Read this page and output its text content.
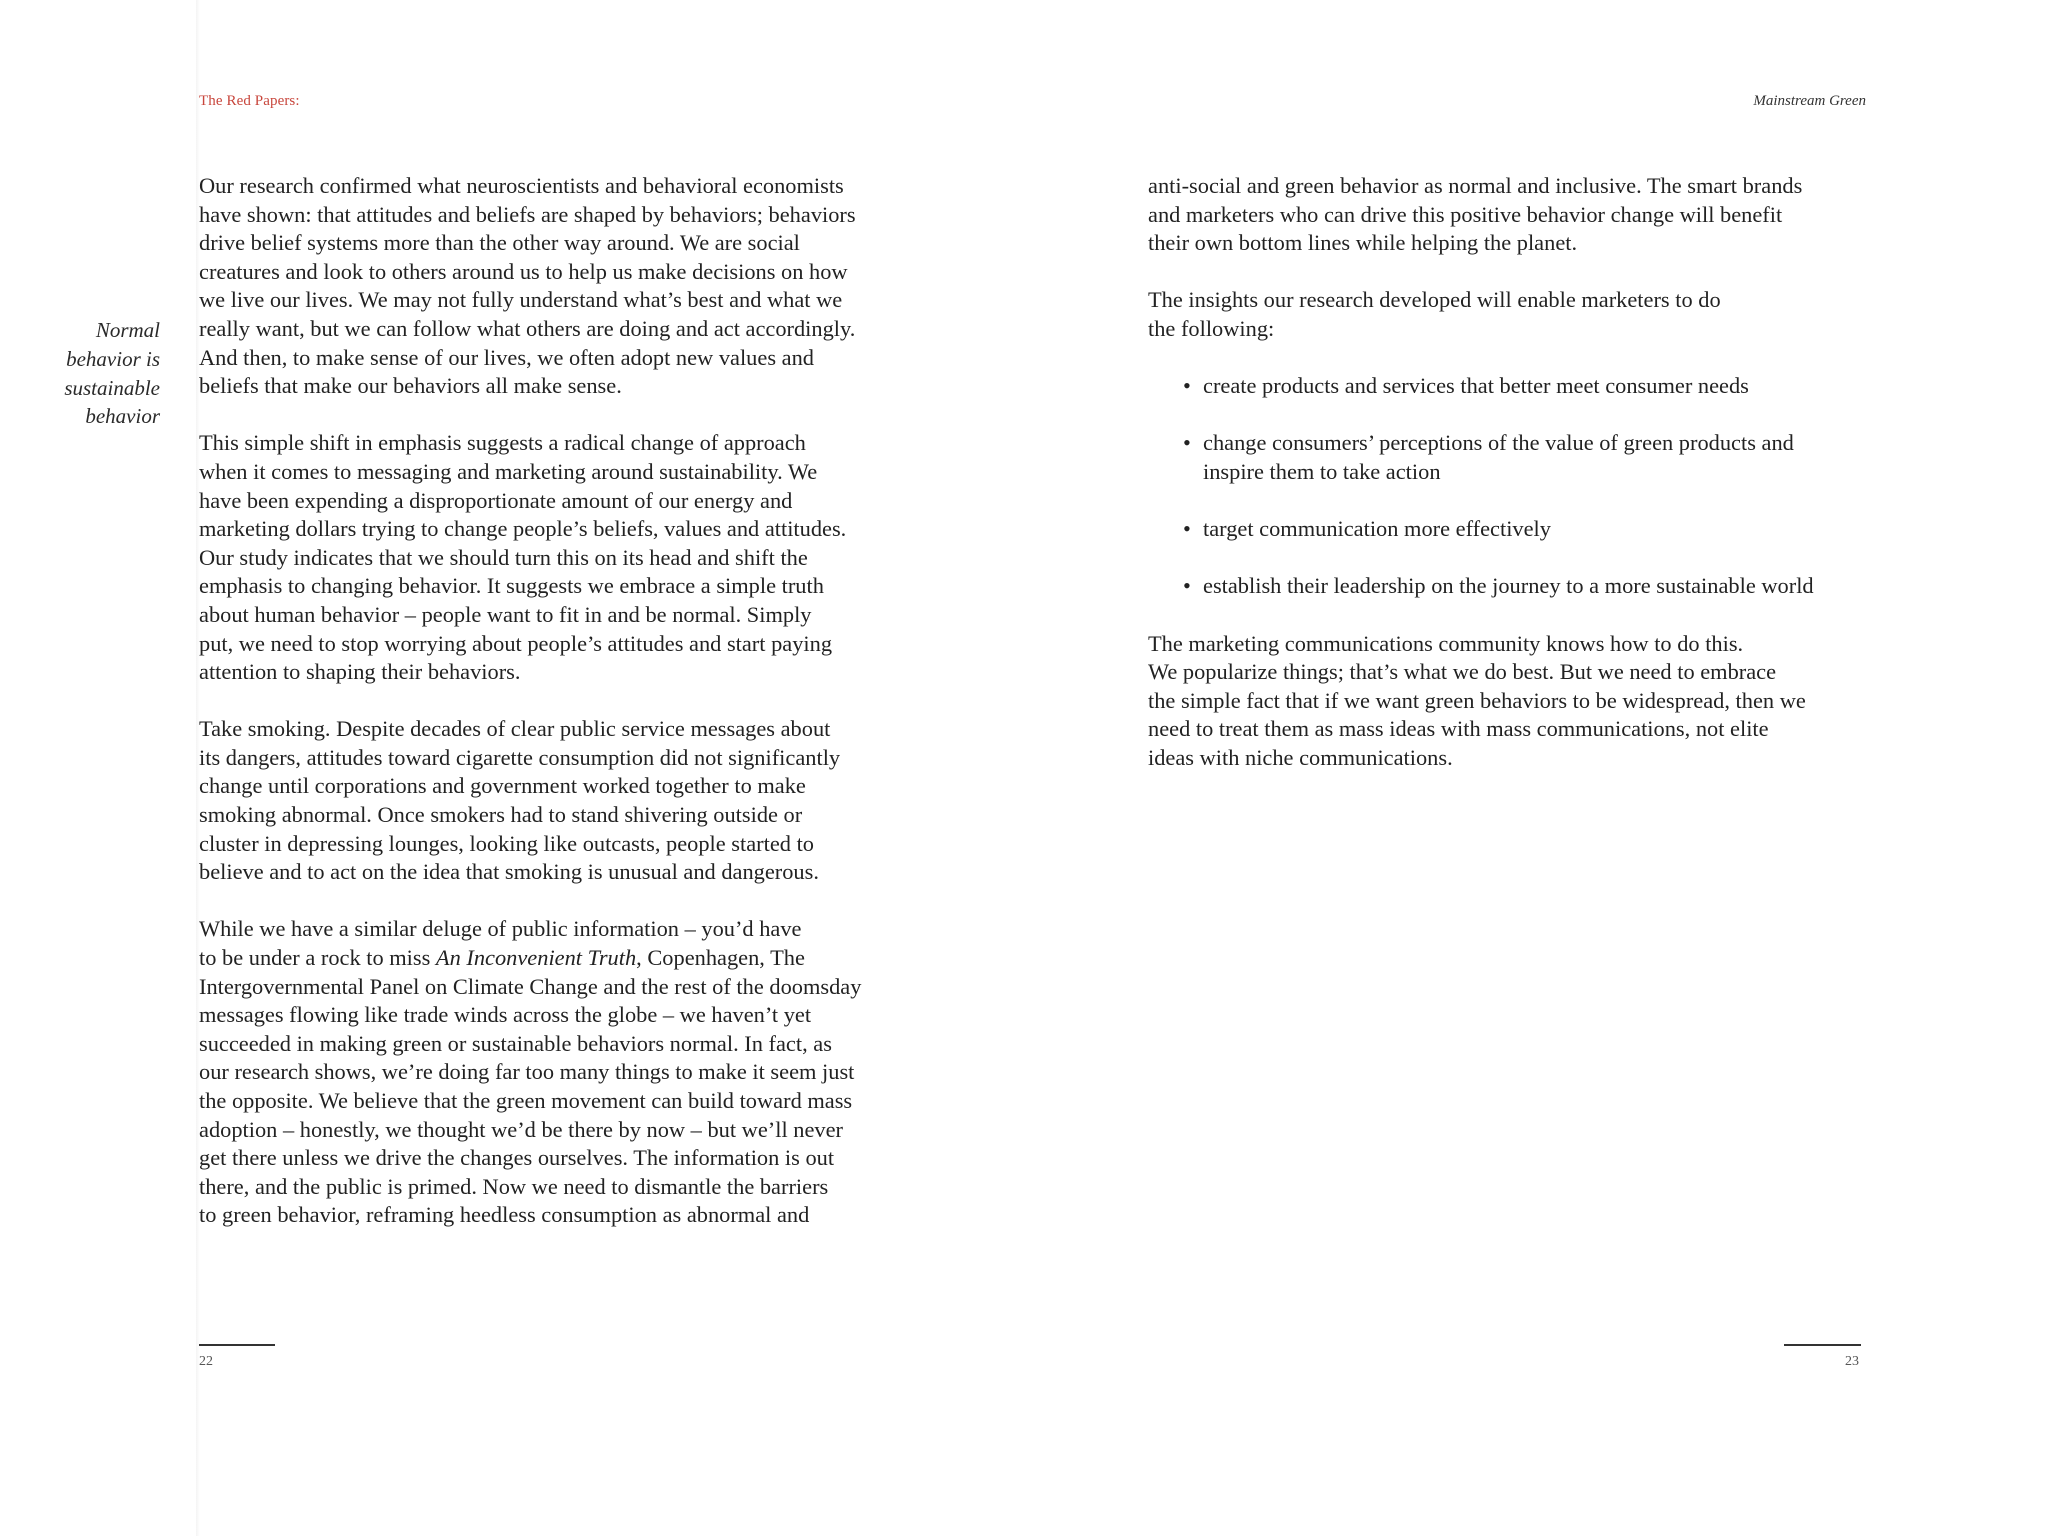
The Red Papers:	Mainstream Green
Normal
behavior is
sustainable
behavior

Our research confirmed what neuroscientists and behavioral economists
have shown: that attitudes and beliefs are shaped by behaviors; behaviors
drive belief systems more than the other way around. We are social
creatures and look to others around us to help us make decisions on how
we live our lives. We may not fully understand what’s best and what we
really want, but we can follow what others are doing and act accordingly.
And then, to make sense of our lives, we often adopt new values and
beliefs that make our behaviors all make sense.

This simple shift in emphasis suggests a radical change of approach
when it comes to messaging and marketing around sustainability. We
have been expending a disproportionate amount of our energy and
marketing dollars trying to change people’s beliefs, values and attitudes.
Our study indicates that we should turn this on its head and shift the
emphasis to changing behavior. It suggests we embrace a simple truth
about human behavior – people want to fit in and be normal. Simply
put, we need to stop worrying about people’s attitudes and start paying
attention to shaping their behaviors.

Take smoking. Despite decades of clear public service messages about
its dangers, attitudes toward cigarette consumption did not significantly
change until corporations and government worked together to make
smoking abnormal. Once smokers had to stand shivering outside or
cluster in depressing lounges, looking like outcasts, people started to
believe and to act on the idea that smoking is unusual and dangerous.

While we have a similar deluge of public information – you’d have
to be under a rock to miss An Inconvenient Truth, Copenhagen, The
Intergovernmental Panel on Climate Change and the rest of the doomsday
messages flowing like trade winds across the globe – we haven’t yet
succeeded in making green or sustainable behaviors normal. In fact, as
our research shows, we’re doing far too many things to make it seem just
the opposite. We believe that the green movement can build toward mass
adoption – honestly, we thought we’d be there by now – but we’ll never
get there unless we drive the changes ourselves. The information is out
there, and the public is primed. Now we need to dismantle the barriers
to green behavior, reframing heedless consumption as abnormal and

anti-social and green behavior as normal and inclusive. The smart brands
and marketers who can drive this positive behavior change will benefit
their own bottom lines while helping the planet.

The insights our research developed will enable marketers to do
the following:

• create products and services that better meet consumer needs
• change consumers’ perceptions of the value of green products and
inspire them to take action
• target communication more effectively
• establish their leadership on the journey to a more sustainable world

The marketing communications community knows how to do this.
We popularize things; that’s what we do best. But we need to embrace
the simple fact that if we want green behaviors to be widespread, then we
need to treat them as mass ideas with mass communications, not elite
ideas with niche communications.

22	23
